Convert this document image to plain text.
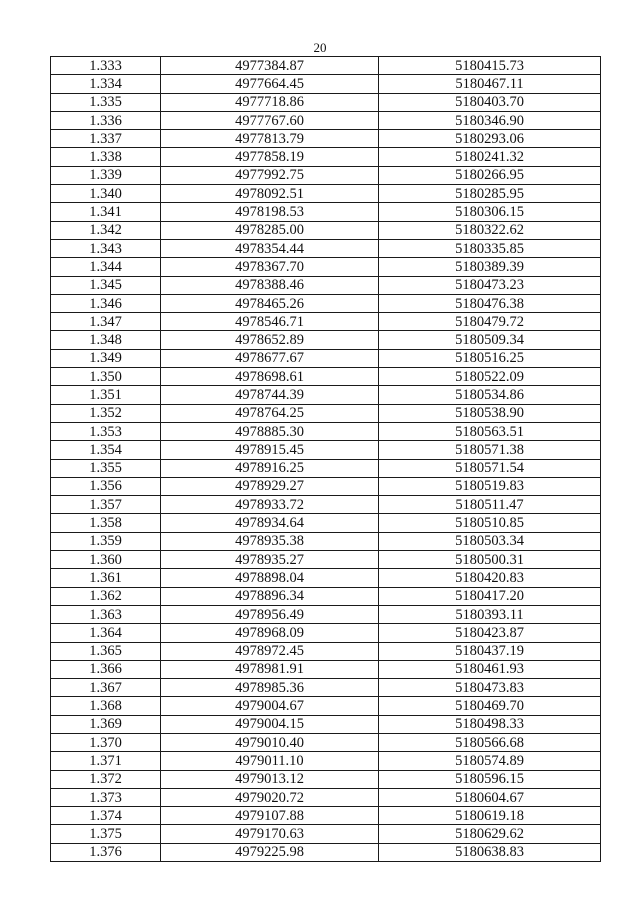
20
1.333	4977384.87	5180415.73
1.334	4977664.45	5180467.11
1.335	4977718.86	5180403.70
1.336	4977767.60	5180346.90
1.337	4977813.79	5180293.06
1.338	4977858.19	5180241.32
1.339	4977992.75	5180266.95
1.340	4978092.51	5180285.95
1.341	4978198.53	5180306.15
1.342	4978285.00	5180322.62
1.343	4978354.44	5180335.85
1.344	4978367.70	5180389.39
1.345	4978388.46	5180473.23
1.346	4978465.26	5180476.38
1.347	4978546.71	5180479.72
1.348	4978652.89	5180509.34
1.349	4978677.67	5180516.25
1.350	4978698.61	5180522.09
1.351	4978744.39	5180534.86
1.352	4978764.25	5180538.90
1.353	4978885.30	5180563.51
1.354	4978915.45	5180571.38
1.355	4978916.25	5180571.54
1.356	4978929.27	5180519.83
1.357	4978933.72	5180511.47
1.358	4978934.64	5180510.85
1.359	4978935.38	5180503.34
1.360	4978935.27	5180500.31
1.361	4978898.04	5180420.83
1.362	4978896.34	5180417.20
1.363	4978956.49	5180393.11
1.364	4978968.09	5180423.87
1.365	4978972.45	5180437.19
1.366	4978981.91	5180461.93
1.367	4978985.36	5180473.83
1.368	4979004.67	5180469.70
1.369	4979004.15	5180498.33
1.370	4979010.40	5180566.68
1.371	4979011.10	5180574.89
1.372	4979013.12	5180596.15
1.373	4979020.72	5180604.67
1.374	4979107.88	5180619.18
1.375	4979170.63	5180629.62
1.376	4979225.98	5180638.83
